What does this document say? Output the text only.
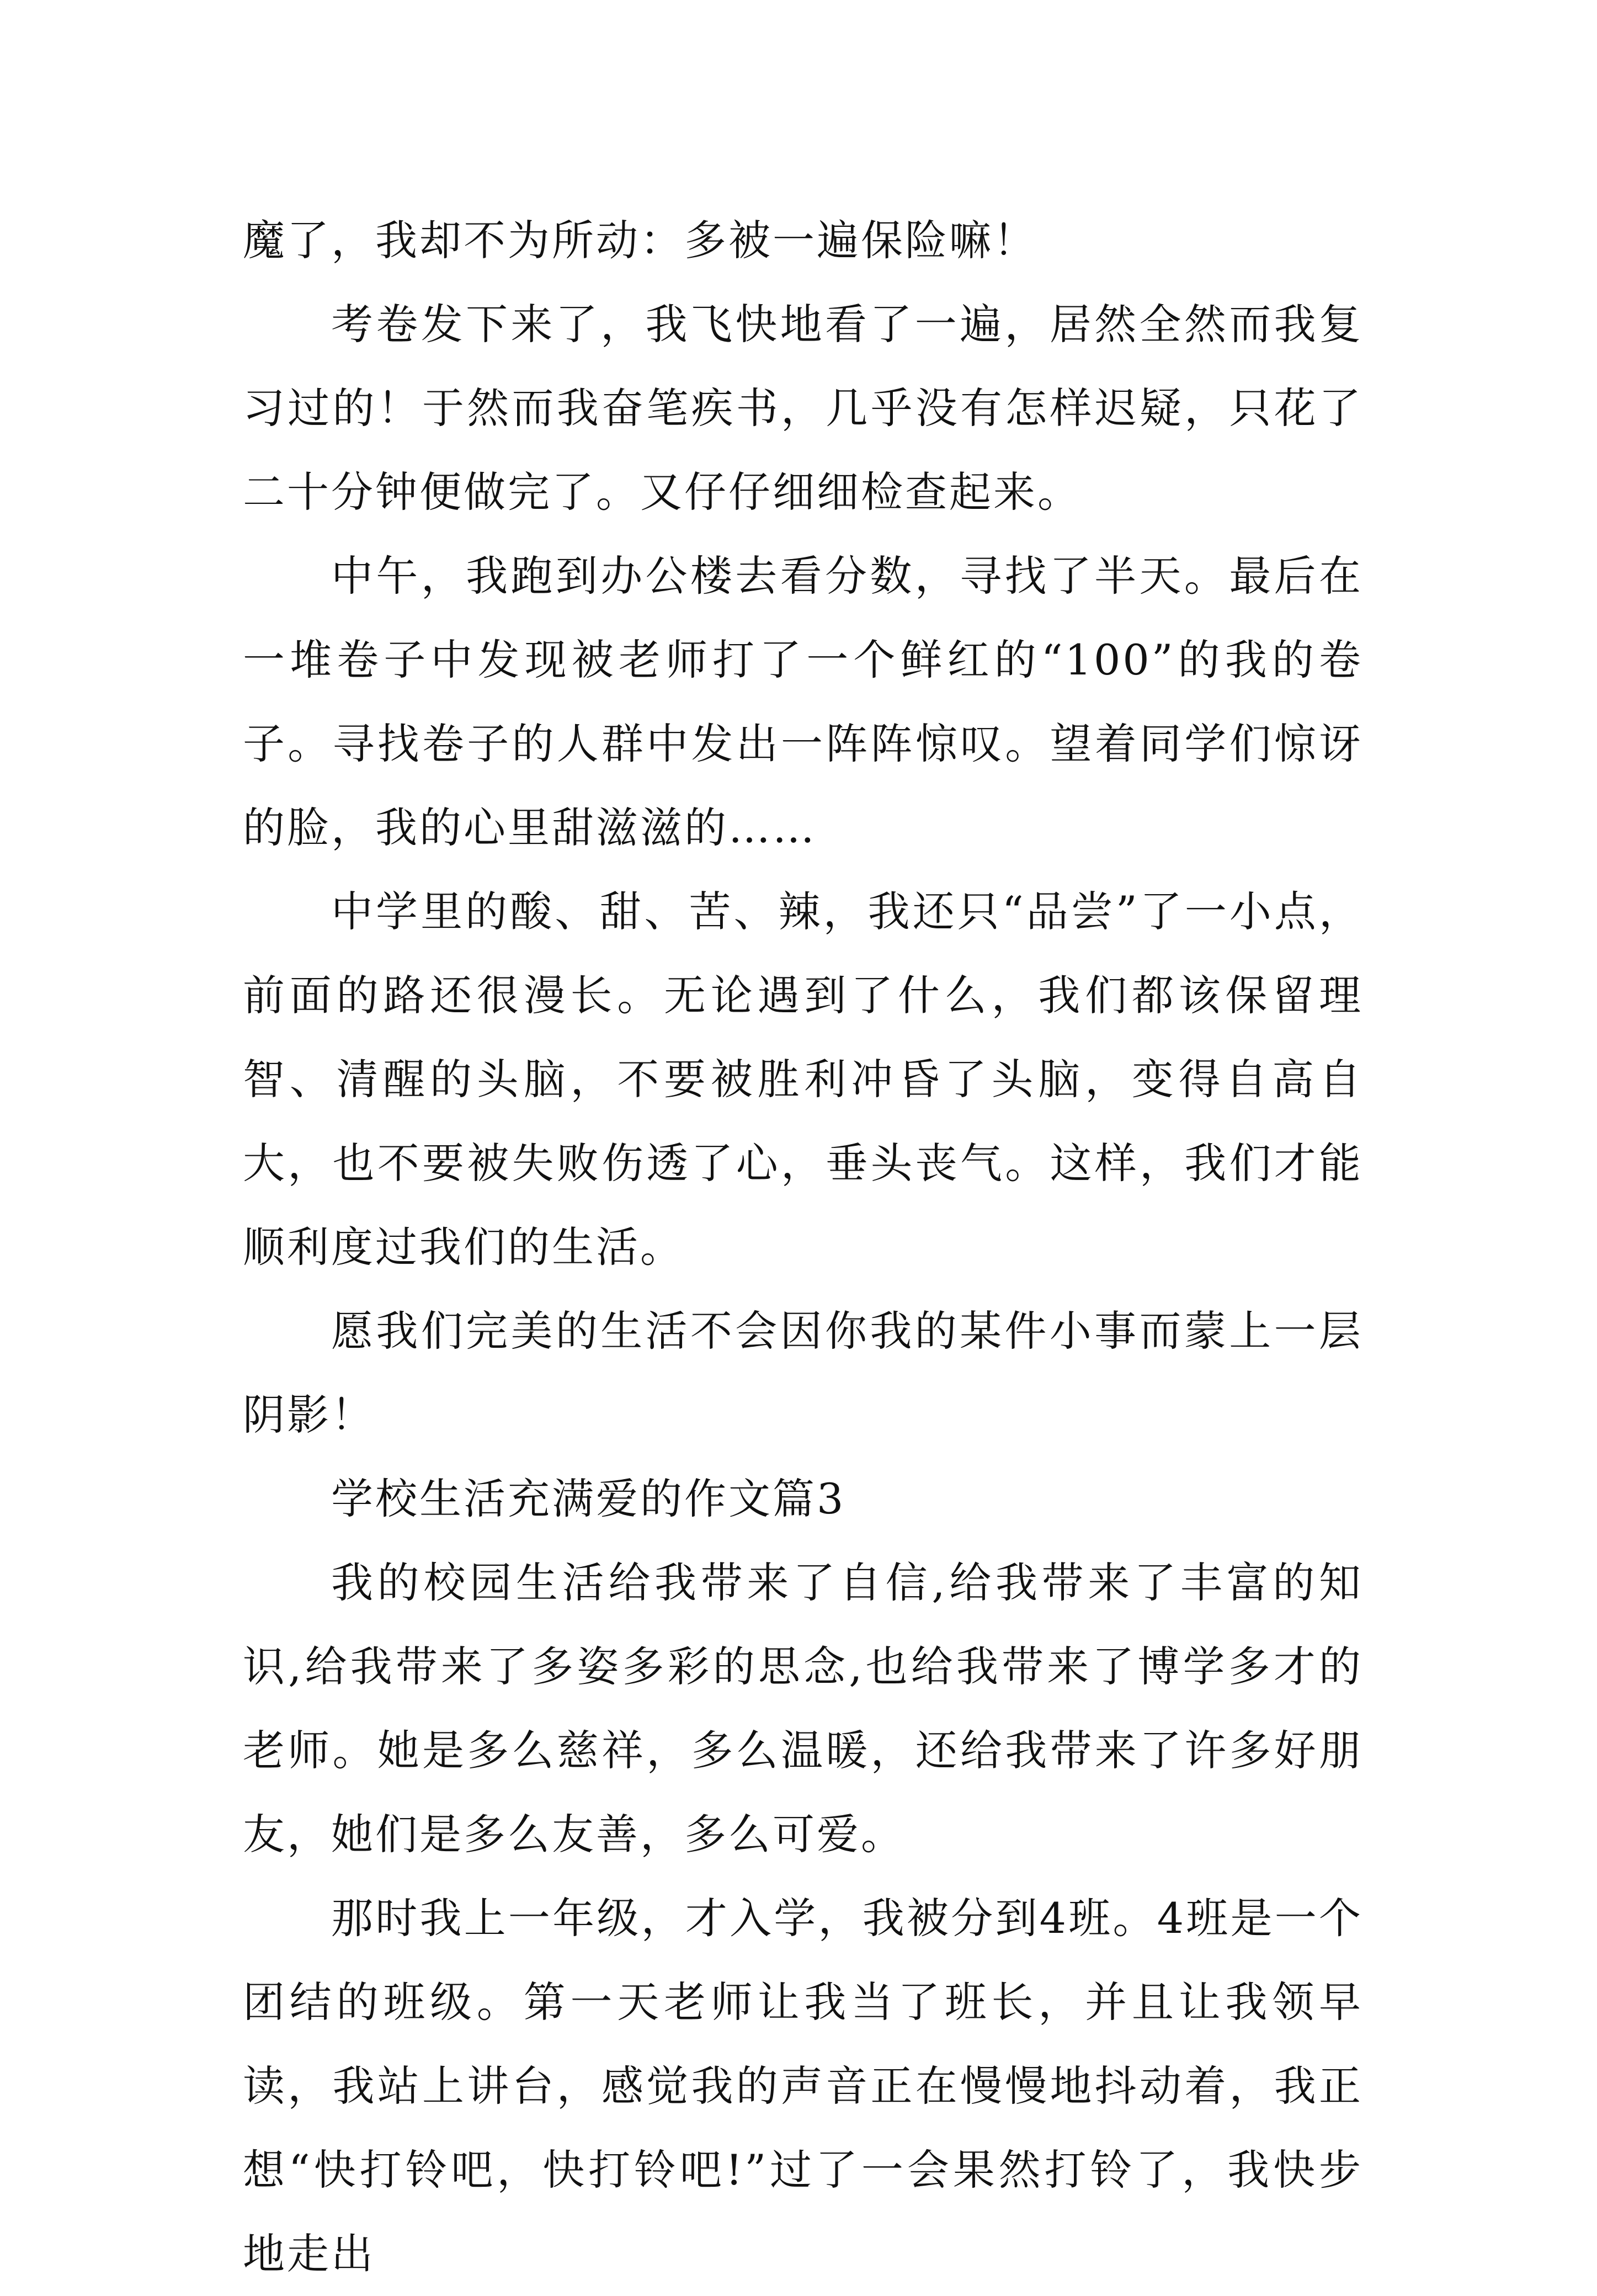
魔了，我却不为所动：多被一遍保险嘛！

考卷发下来了，我飞快地看了一遍，居然全然而我复习过的！于然而我奋笔疾书，几乎没有怎样迟疑，只花了二十分钟便做完了。又仔仔细细检查起来。

中午，我跑到办公楼去看分数，寻找了半天。最后在一堆卷子中发现被老师打了一个鲜红的“100”的我的卷子。寻找卷子的人群中发出一阵阵惊叹。望着同学们惊讶的脸，我的心里甜滋滋的……

中学里的酸、甜、苦、辣，我还只“品尝”了一小点，前面的路还很漫长。无论遇到了什么，我们都该保留理智、清醒的头脑，不要被胜利冲昏了头脑，变得自高自大，也不要被失败伤透了心，垂头丧气。这样，我们才能顺利度过我们的生活。

愿我们完美的生活不会因你我的某件小事而蒙上一层阴影！

学校生活充满爱的作文篇3

我的校园生活给我带来了自信,给我带来了丰富的知识,给我带来了多姿多彩的思念,也给我带来了博学多才的老师。她是多么慈祥，多么温暖，还给我带来了许多好朋友，她们是多么友善，多么可爱。

那时我上一年级，才入学，我被分到4班。4班是一个团结的班级。第一天老师让我当了班长，并且让我领早读，我站上讲台，感觉我的声音正在慢慢地抖动着，我正想“快打铃吧，快打铃吧!”过了一会果然打铃了，我快步地走出
